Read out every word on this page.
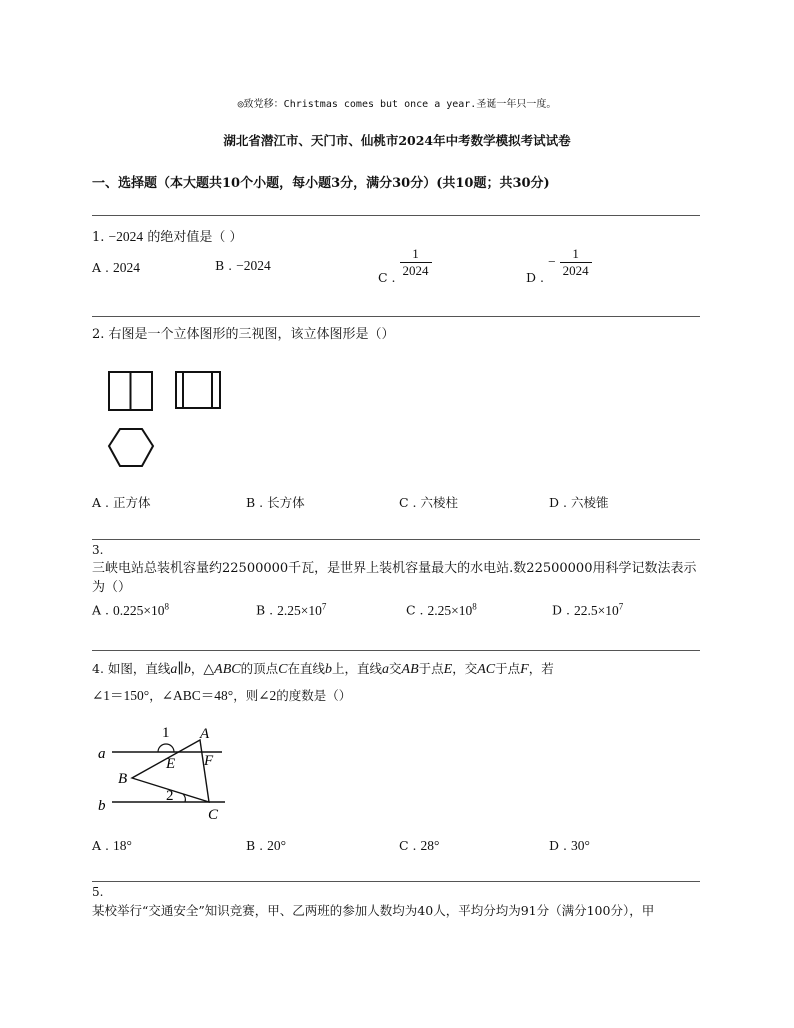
◎致党移：Christmas comes but once a year.圣诞一年只一度。
湖北省潜江市、天门市、仙桃市2024年中考数学模拟考试试卷
一、选择题（本大题共10个小题，每小题3分，满分30分）(共10题；共30分)
1. −2024 的绝对值是（ ）
A . 2024	B . −2024
C . $\frac{1}{2024}$	D . − $\frac{1}{2024}$
2. 右图是一个立体图形的三视图，该立体图形是（）
A . 正方体	B . 长方体	C . 六棱柱	D . 六棱锥
3.
三峡电站总装机容量约22500000千瓦，是世界上装机容量最大的水电站.数22500000用科学记数法表示为（）
A . $0.225\times 10^8$	B . $2.25\times 10^7$	C . $2.25\times 10^8$	D . $22.5\times 10^7$
4. 如图，直线a∥b，△ABC的顶点C在直线b上，直线a交AB于点E，交AC于点F，若
∠1＝150°，∠ABC＝48°，则∠2的度数是（）
a
b
1 A
E F
B
2
C
A . 18°	B . 20°	C . 28°	D . 30°
5.
某校举行“交通安全”知识竞赛，甲、乙两班的参加人数均为40人，平均分均为91分（满分100分），甲
